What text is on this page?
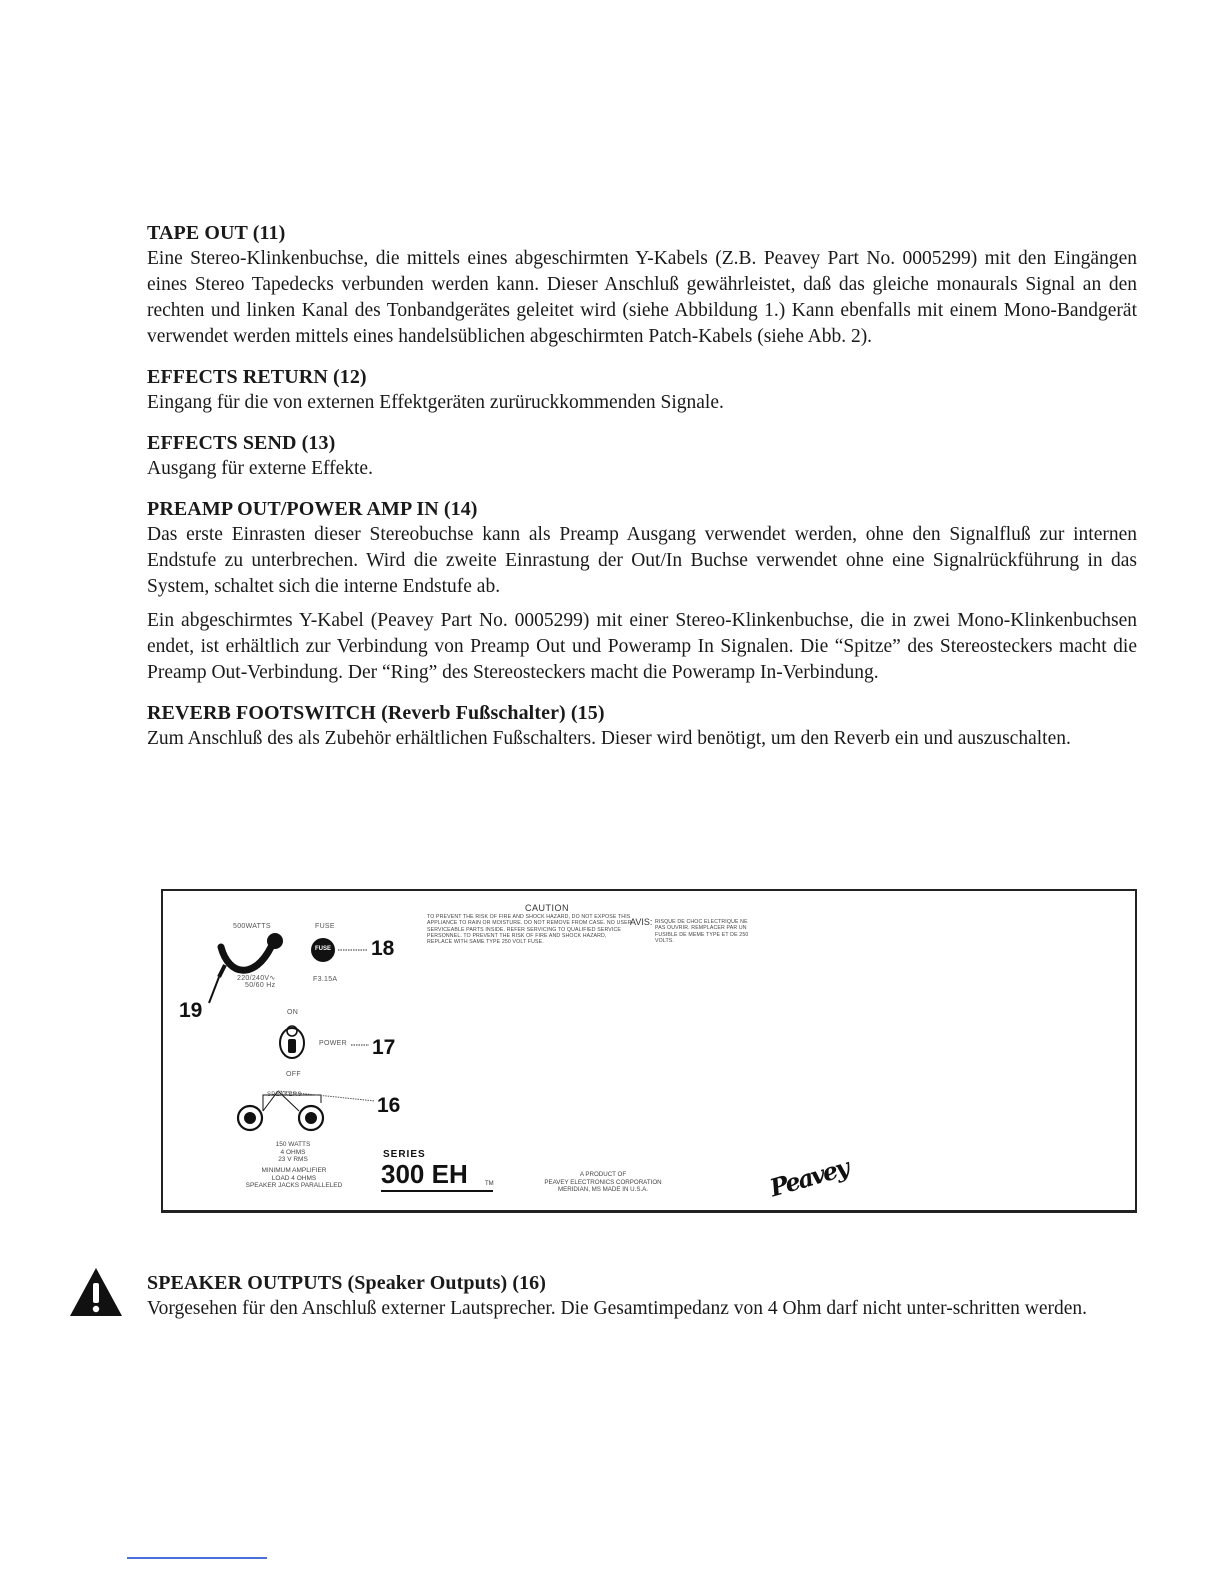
TAPE OUT (11)

Eine Stereo-Klinkenbuchse, die mittels eines abgeschirmten Y-Kabels (Z.B. Peavey Part No. 0005299) mit den Eingängen eines Stereo Tapedecks verbunden werden kann. Dieser Anschluß gewährleistet, daß das gleiche monaurals Signal an den rechten und linken Kanal des Tonbandgerätes geleitet wird (siehe Abbildung 1.) Kann ebenfalls mit einem Mono-Bandgerät verwendet werden mittels eines handelsüblichen abgeschirmten Patch-Kabels (siehe Abb. 2).

EFFECTS RETURN (12)

Eingang für die von externen Effektgeräten zurüruckkommenden Signale.

EFFECTS SEND (13)

Ausgang für externe Effekte.

PREAMP OUT/POWER AMP IN (14)

Das erste Einrasten dieser Stereobuchse kann als Preamp Ausgang verwendet werden, ohne den Signalfluß zur internen Endstufe zu unterbrechen. Wird die zweite Einrastung der Out/In Buchse verwendet ohne eine Signalrückführung in das System, schaltet sich die interne Endstufe ab.

Ein abgeschirmtes Y-Kabel (Peavey Part No. 0005299) mit einer Stereo-Klinkenbuchse, die in zwei Mono-Klinkenbuchsen endet, ist erhältlich zur Verbindung von Preamp Out und Poweramp In Signalen. Die “Spitze” des Stereosteckers macht die Preamp Out-Verbindung. Der “Ring” des Stereosteckers macht die Poweramp In-Verbindung.

REVERB FOOTSWITCH (Reverb Fußschalter) (15)

Zum Anschluß des als Zubehör erhältlichen Fußschalters. Dieser wird benötigt, um den Reverb ein und auszuschalten.

500WATTS	FUSE
FUSE
220/240V∿
50/60 Hz
F3.15A
ON
POWER
OFF
SPEAKERS
150 WATTS
4 OHMS
23 V RMS
MINIMUM AMPLIFIER
LOAD 4 OHMS
SPEAKER JACKS PARALLELED
18
19
17
16
CAUTION
TO PREVENT THE RISK OF FIRE AND SHOCK HAZARD, DO NOT EXPOSE THIS APPLIANCE TO RAIN OR MOISTURE. DO NOT REMOVE FROM CASE. NO USER SERVICEABLE PARTS INSIDE. REFER SERVICING TO QUALIFIED SERVICE PERSONNEL. TO PREVENT THE RISK OF FIRE AND SHOCK HAZARD, REPLACE WITH SAME TYPE 250 VOLT FUSE.
AVIS: RISQUE DE CHOC ELECTRIQUE NE PAS OUVRIR. REMPLACER PAR UN FUSIBLE DE MEME TYPE ET DE 250 VOLTS.
SERIES
300 EH	TM
A PRODUCT OF
PEAVEY ELECTRONICS CORPORATION
MERIDIAN, MS MADE IN U.S.A.	Peavey

SPEAKER OUTPUTS (Speaker Outputs) (16)

Vorgesehen für den Anschluß externer Lautsprecher. Die Gesamtimpedanz von 4 Ohm darf nicht unter-schritten werden.
